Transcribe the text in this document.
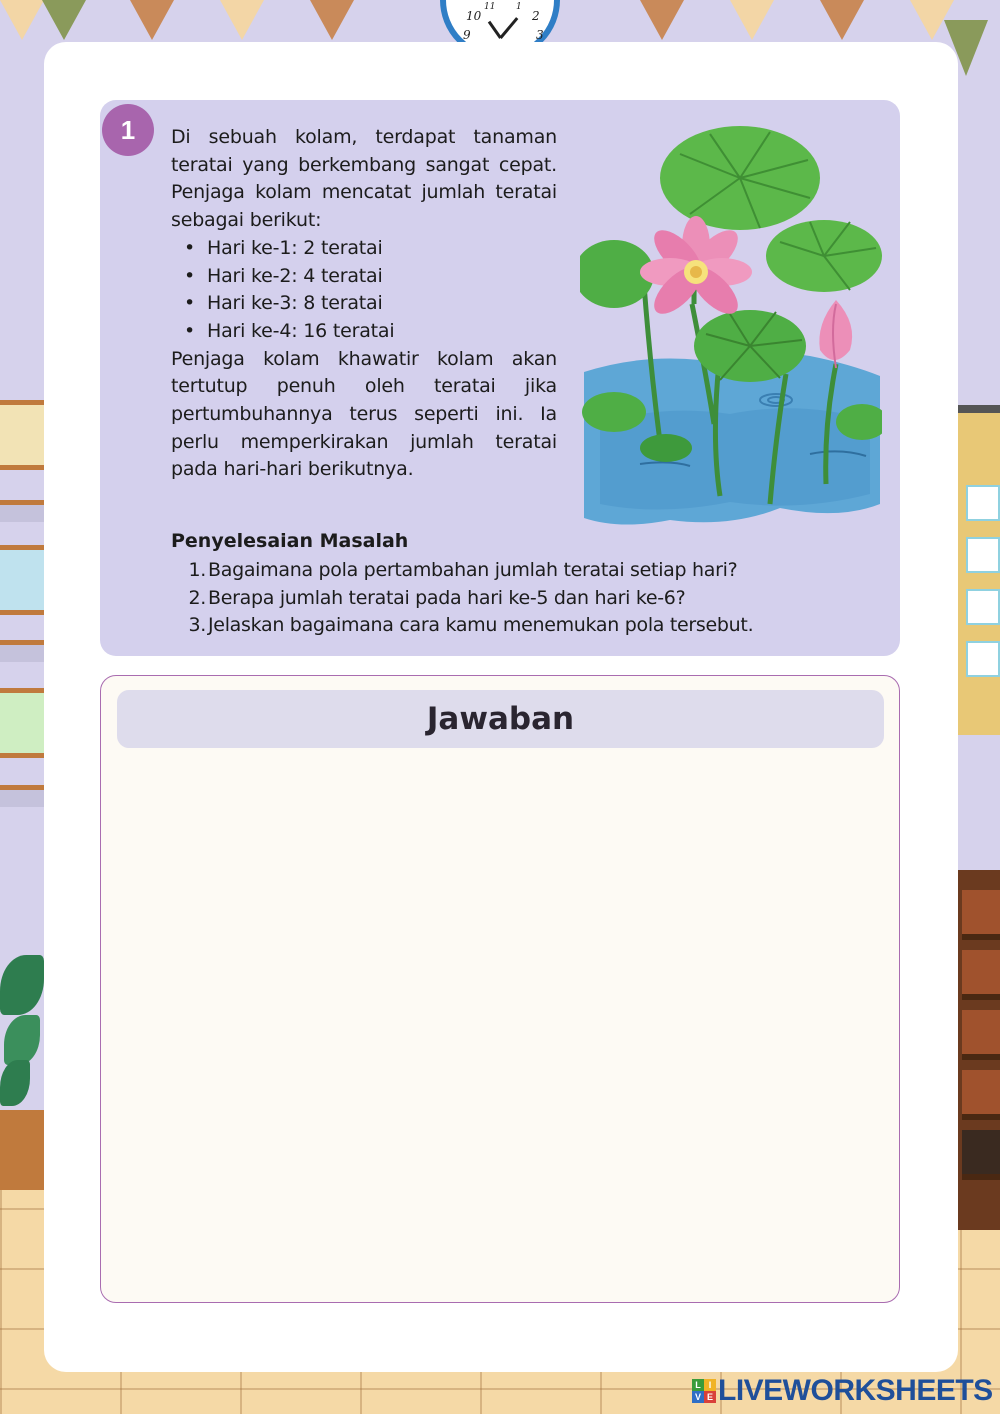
10
11 1
2
9	3
1	Di sebuah kolam, terdapat tanaman teratai yang berkembang sangat cepat. Penjaga kolam mencatat jumlah teratai sebagai berikut:

• Hari ke-1: 2 teratai
• Hari ke-2: 4 teratai
• Hari ke-3: 8 teratai
• Hari ke-4: 16 teratai

Penjaga kolam khawatir kolam akan tertutup penuh oleh teratai jika pertumbuhannya terus seperti ini. Ia perlu memperkirakan jumlah teratai pada hari-hari berikutnya.

Penyelesaian Masalah
1. Bagaimana pola pertambahan jumlah teratai setiap hari?
2. Berapa jumlah teratai pada hari ke-5 dan hari ke-6?
3. Jelaskan bagaimana cara kamu menemukan pola tersebut.
Jawaban
L I
V E LIVEWORKSHEETS
